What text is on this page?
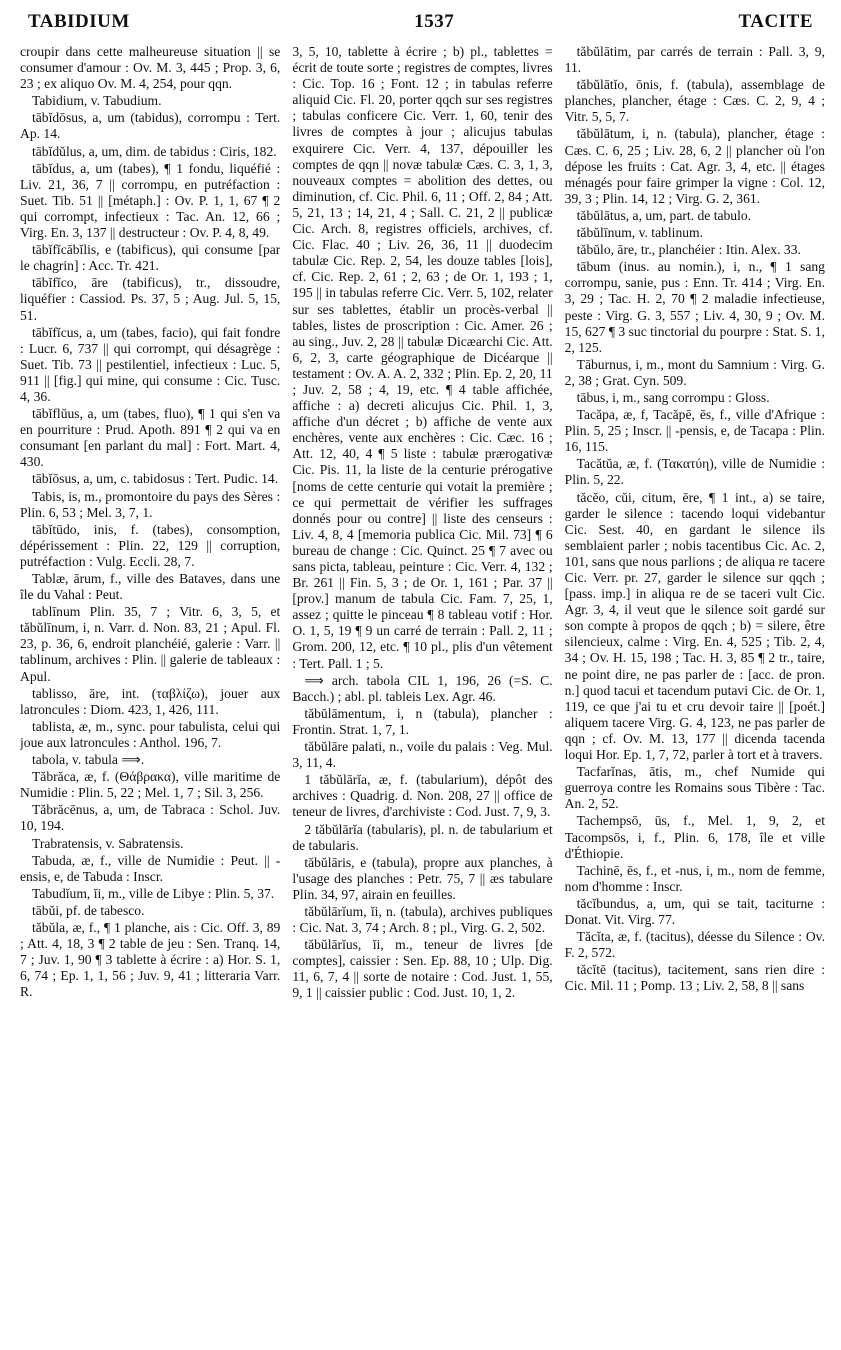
TABIDIUM	1537	TACITE

croupir dans cette malheureuse situation || se consumer d'amour : Ov. M. 3, 445 ; Prop. 3, 6, 23 ; ex aliquo Ov. M. 4, 254, pour qqn.

Tabidium, v. Tabudium.

tābĭdōsus, a, um (tabidus), corrompu : Tert. Ap. 14.

tābĭdŭlus, a, um, dim. de tabidus : Ciris, 182.

tābĭdus, a, um (tabes), ¶ 1 fondu, liquéfié : Liv. 21, 36, 7 || corrompu, en putréfaction : Suet. Tib. 51 || [métaph.] : Ov. P. 1, 1, 67 ¶ 2 qui corrompt, infectieux : Tac. An. 12, 66 ; Virg. En. 3, 137 || destructeur : Ov. P. 4, 8, 49.

tābĭfĭcābĭlis, e (tabificus), qui consume [par le chagrin] : Acc. Tr. 421.

tābĭfĭco, āre (tabificus), tr., dissoudre, liquéfier : Cassiod. Ps. 37, 5 ; Aug. Jul. 5, 15, 51.

tābĭfĭcus, a, um (tabes, facio), qui fait fondre : Lucr. 6, 737 || qui corrompt, qui désagrège : Suet. Tib. 73 || pestilentiel, infectieux : Luc. 5, 911 || [fig.] qui mine, qui consume : Cic. Tusc. 4, 36.

tābĭflŭus, a, um (tabes, fluo), ¶ 1 qui s'en va en pourriture : Prud. Apoth. 891 ¶ 2 qui va en consumant [en parlant du mal] : Fort. Mart. 4, 430.

tābĭōsus, a, um, c. tabidosus : Tert. Pudic. 14.

Tabis, is, m., promontoire du pays des Sères : Plin. 6, 53 ; Mel. 3, 7, 1.

tābĭtūdo, inis, f. (tabes), consomption, dépérissement : Plin. 22, 129 || corruption, putréfaction : Vulg. Eccli. 28, 7.

Tablæ, ārum, f., ville des Bataves, dans une île du Vahal : Peut.

tablīnum Plin. 35, 7 ; Vitr. 6, 3, 5, et tăbŭlīnum, i, n. Varr. d. Non. 83, 21 ; Apul. Fl. 23, p. 36, 6, endroit planchéié, galerie : Varr. || tablinum, archives : Plin. || galerie de tableaux : Apul.

tablisso, āre, int. (ταβλίζω), jouer aux latroncules : Diom. 423, 1, 426, 111.

tablista, æ, m., sync. pour tabulista, celui qui joue aux latroncules : Anthol. 196, 7.

tabola, v. tabula ⟹.

Tăbrăca, æ, f. (Θάβρακα), ville maritime de Numidie : Plin. 5, 22 ; Mel. 1, 7 ; Sil. 3, 256.

Tăbrăcēnus, a, um, de Tabraca : Schol. Juv. 10, 194.

Trabratensis, v. Sabratensis.

Tabuda, æ, f., ville de Numidie : Peut. || -ensis, e, de Tabuda : Inscr.

Tabudĭum, ĭi, m., ville de Libye : Plin. 5, 37.

tābŭi, pf. de tabesco.

tăbŭla, æ, f., ¶ 1 planche, ais : Cic. Off. 3, 89 ; Att. 4, 18, 3 ¶ 2 table de jeu : Sen. Tranq. 14, 7 ; Juv. 1, 90 ¶ 3 tablette à écrire : a) Hor. S. 1, 6, 74 ; Ep. 1, 1, 56 ; Juv. 9, 41 ; litteraria Varr. R.

3, 5, 10, tablette à écrire ; b) pl., tablettes = écrit de toute sorte ; registres de comptes, livres : Cic. Top. 16 ; Font. 12 ; in tabulas referre aliquid Cic. Fl. 20, porter qqch sur ses registres ; tabulas conficere Cic. Verr. 1, 60, tenir des livres de comptes à jour ; alicujus tabulas exquirere Cic. Verr. 4, 137, dépouiller les comptes de qqn || novæ tabulæ Cæs. C. 3, 1, 3, nouveaux comptes = abolition des dettes, ou diminution, cf. Cic. Phil. 6, 11 ; Off. 2, 84 ; Att. 5, 21, 13 ; 14, 21, 4 ; Sall. C. 21, 2 || publicæ Cic. Arch. 8, registres officiels, archives, cf. Cic. Flac. 40 ; Liv. 26, 36, 11 || duodecim tabulæ Cic. Rep. 2, 54, les douze tables [lois], cf. Cic. Rep. 2, 61 ; 2, 63 ; de Or. 1, 193 ; 1, 195 || in tabulas referre Cic. Verr. 5, 102, relater sur ses tablettes, établir un procès-verbal || tables, listes de proscription : Cic. Amer. 26 ; au sing., Juv. 2, 28 || tabulæ Dicæarchi Cic. Att. 6, 2, 3, carte géographique de Dicéarque || testament : Ov. A. A. 2, 332 ; Plin. Ep. 2, 20, 11 ; Juv. 2, 58 ; 4, 19, etc. ¶ 4 table affichée, affiche : a) decreti alicujus Cic. Phil. 1, 3, affiche d'un décret ; b) affiche de vente aux enchères, vente aux enchères : Cic. Cæc. 16 ; Att. 12, 40, 4 ¶ 5 liste : tabulæ prærogativæ Cic. Pis. 11, la liste de la centurie prérogative [noms de cette centurie qui votait la première ; ce qui permettait de vérifier les suffrages donnés pour ou contre] || liste des censeurs : Liv. 4, 8, 4 [memoria publica Cic. Mil. 73] ¶ 6 bureau de change : Cic. Quinct. 25 ¶ 7 avec ou sans picta, tableau, peinture : Cic. Verr. 4, 132 ; Br. 261 || Fin. 5, 3 ; de Or. 1, 161 ; Par. 37 || [prov.] manum de tabula Cic. Fam. 7, 25, 1, assez ; quitte le pinceau ¶ 8 tableau votif : Hor. O. 1, 5, 19 ¶ 9 un carré de terrain : Pall. 2, 11 ; Grom. 200, 12, etc. ¶ 10 pl., plis d'un vêtement : Tert. Pall. 1 ; 5.

⟹ arch. tabola CIL 1, 196, 26 (=S. C. Bacch.) ; abl. pl. tableis Lex. Agr. 46.

tăbŭlāmentum, i, n (tabula), plancher : Frontin. Strat. 1, 7, 1.

tăbŭlāre palati, n., voile du palais : Veg. Mul. 3, 11, 4.

1 tăbŭlārĭa, æ, f. (tabularium), dépôt des archives : Quadrig. d. Non. 208, 27 || office de teneur de livres, d'archiviste : Cod. Just. 7, 9, 3.

2 tăbŭlārĭa (tabularis), pl. n. de tabularium et de tabularis.

tăbŭlāris, e (tabula), propre aux planches, à l'usage des planches : Petr. 75, 7 || æs tabulare Plin. 34, 97, airain en feuilles.

tăbŭlārĭum, ĭi, n. (tabula), archives publiques : Cic. Nat. 3, 74 ; Arch. 8 ; pl., Virg. G. 2, 502.

tăbŭlārĭus, ĭi, m., teneur de livres [de comptes], caissier : Sen. Ep. 88, 10 ; Ulp. Dig. 11, 6, 7, 4 || sorte de notaire : Cod. Just. 1, 55, 9, 1 || caissier public : Cod. Just. 10, 1, 2.

tăbŭlātim, par carrés de terrain : Pall. 3, 9, 11.

tăbŭlātĭo, ōnis, f. (tabula), assemblage de planches, plancher, étage : Cæs. C. 2, 9, 4 ; Vitr. 5, 5, 7.

tăbŭlātum, i, n. (tabula), plancher, étage : Cæs. C. 6, 25 ; Liv. 28, 6, 2 || plancher où l'on dépose les fruits : Cat. Agr. 3, 4, etc. || étages ménagés pour faire grimper la vigne : Col. 12, 39, 3 ; Plin. 14, 12 ; Virg. G. 2, 361.

tăbŭlātus, a, um, part. de tabulo.

tăbŭlīnum, v. tablinum.

tăbŭlo, āre, tr., planchéier : Itin. Alex. 33.

tābum (inus. au nomin.), i, n., ¶ 1 sang corrompu, sanie, pus : Enn. Tr. 414 ; Virg. En. 3, 29 ; Tac. H. 2, 70 ¶ 2 maladie infectieuse, peste : Virg. G. 3, 557 ; Liv. 4, 30, 9 ; Ov. M. 15, 627 ¶ 3 suc tinctorial du pourpre : Stat. S. 1, 2, 125.

Tāburnus, i, m., mont du Samnium : Virg. G. 2, 38 ; Grat. Cyn. 509.

tābus, i, m., sang corrompu : Gloss.

Tacăpa, æ, f, Tacăpē, ēs, f., ville d'Afrique : Plin. 5, 25 ; Inscr. || -pensis, e, de Tacapa : Plin. 16, 115.

Tacătŭa, æ, f. (Τακατύη), ville de Numidie : Plin. 5, 22.

tăcĕo, cŭi, citum, ēre, ¶ 1 int., a) se taire, garder le silence : tacendo loqui videbantur Cic. Sest. 40, en gardant le silence ils semblaient parler ; nobis tacentibus Cic. Ac. 2, 101, sans que nous parlions ; de aliqua re tacere Cic. Verr. pr. 27, garder le silence sur qqch ; [pass. imp.] in aliqua re de se taceri vult Cic. Agr. 3, 4, il veut que le silence soit gardé sur son compte à propos de qqch ; b) = silere, être silencieux, calme : Virg. En. 4, 525 ; Tib. 2, 4, 34 ; Ov. H. 15, 198 ; Tac. H. 3, 85 ¶ 2 tr., taire, ne point dire, ne pas parler de : [acc. de pron. n.] quod tacui et tacendum putavi Cic. de Or. 1, 119, ce que j'ai tu et cru devoir taire || [poét.] aliquem tacere Virg. G. 4, 123, ne pas parler de qqn ; cf. Ov. M. 13, 177 || dicenda tacenda loqui Hor. Ep. 1, 7, 72, parler à tort et à travers.

Tacfarĭnas, ātis, m., chef Numide qui guerroya contre les Romains sous Tibère : Tac. An. 2, 52.

Tachempsō, ūs, f., Mel. 1, 9, 2, et Tacompsōs, i, f., Plin. 6, 178, île et ville d'Éthiopie.

Tachinē, ēs, f., et -nus, i, m., nom de femme, nom d'homme : Inscr.

tăcĭbundus, a, um, qui se tait, taciturne : Donat. Vit. Virg. 77.

Tăcĭta, æ, f. (tacitus), déesse du Silence : Ov. F. 2, 572.

tăcĭtē (tacitus), tacitement, sans rien dire : Cic. Mil. 11 ; Pomp. 13 ; Liv. 2, 58, 8 || sans
